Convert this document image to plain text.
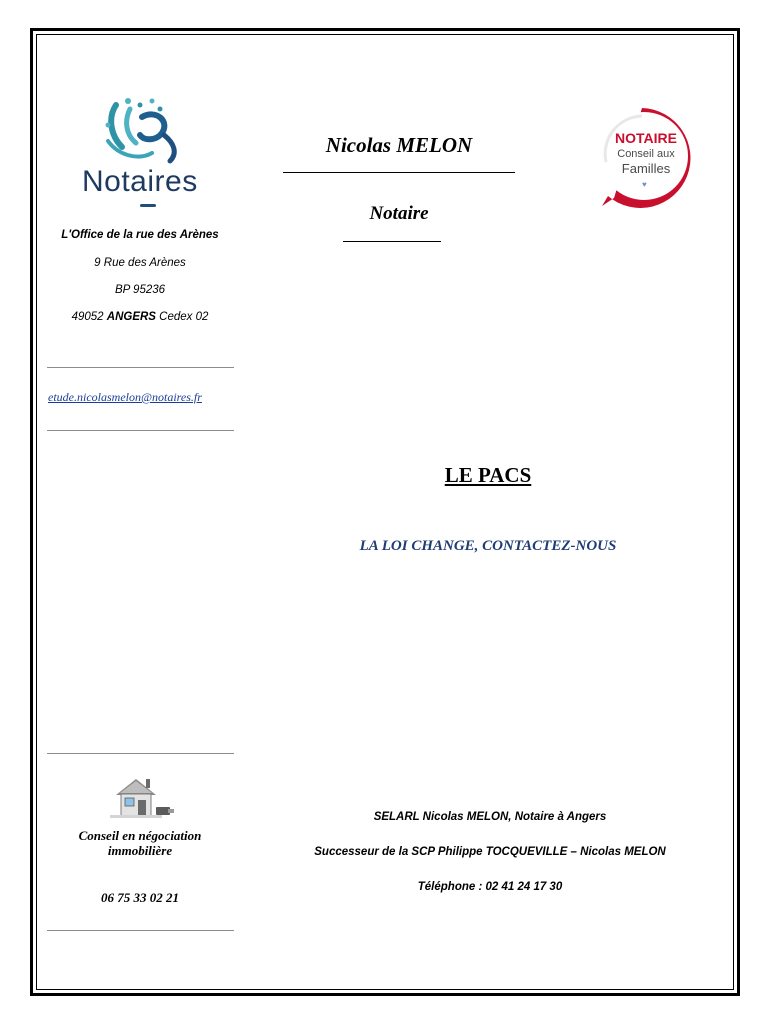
Notaires
L'Office de la rue des Arènes
9 Rue des Arènes
BP 95236
49052 ANGERS Cedex 02
etude.nicolasmelon@notaires.fr
Nicolas MELON
Notaire
NOTAIRE
Conseil aux
Familles
♥
LE PACS
LA LOI CHANGE, CONTACTEZ-NOUS
Conseil en négociation
immobilière
06 75 33 02 21
SELARL Nicolas MELON, Notaire à Angers
Successeur de la SCP Philippe TOCQUEVILLE – Nicolas MELON
Téléphone : 02 41 24 17 30
